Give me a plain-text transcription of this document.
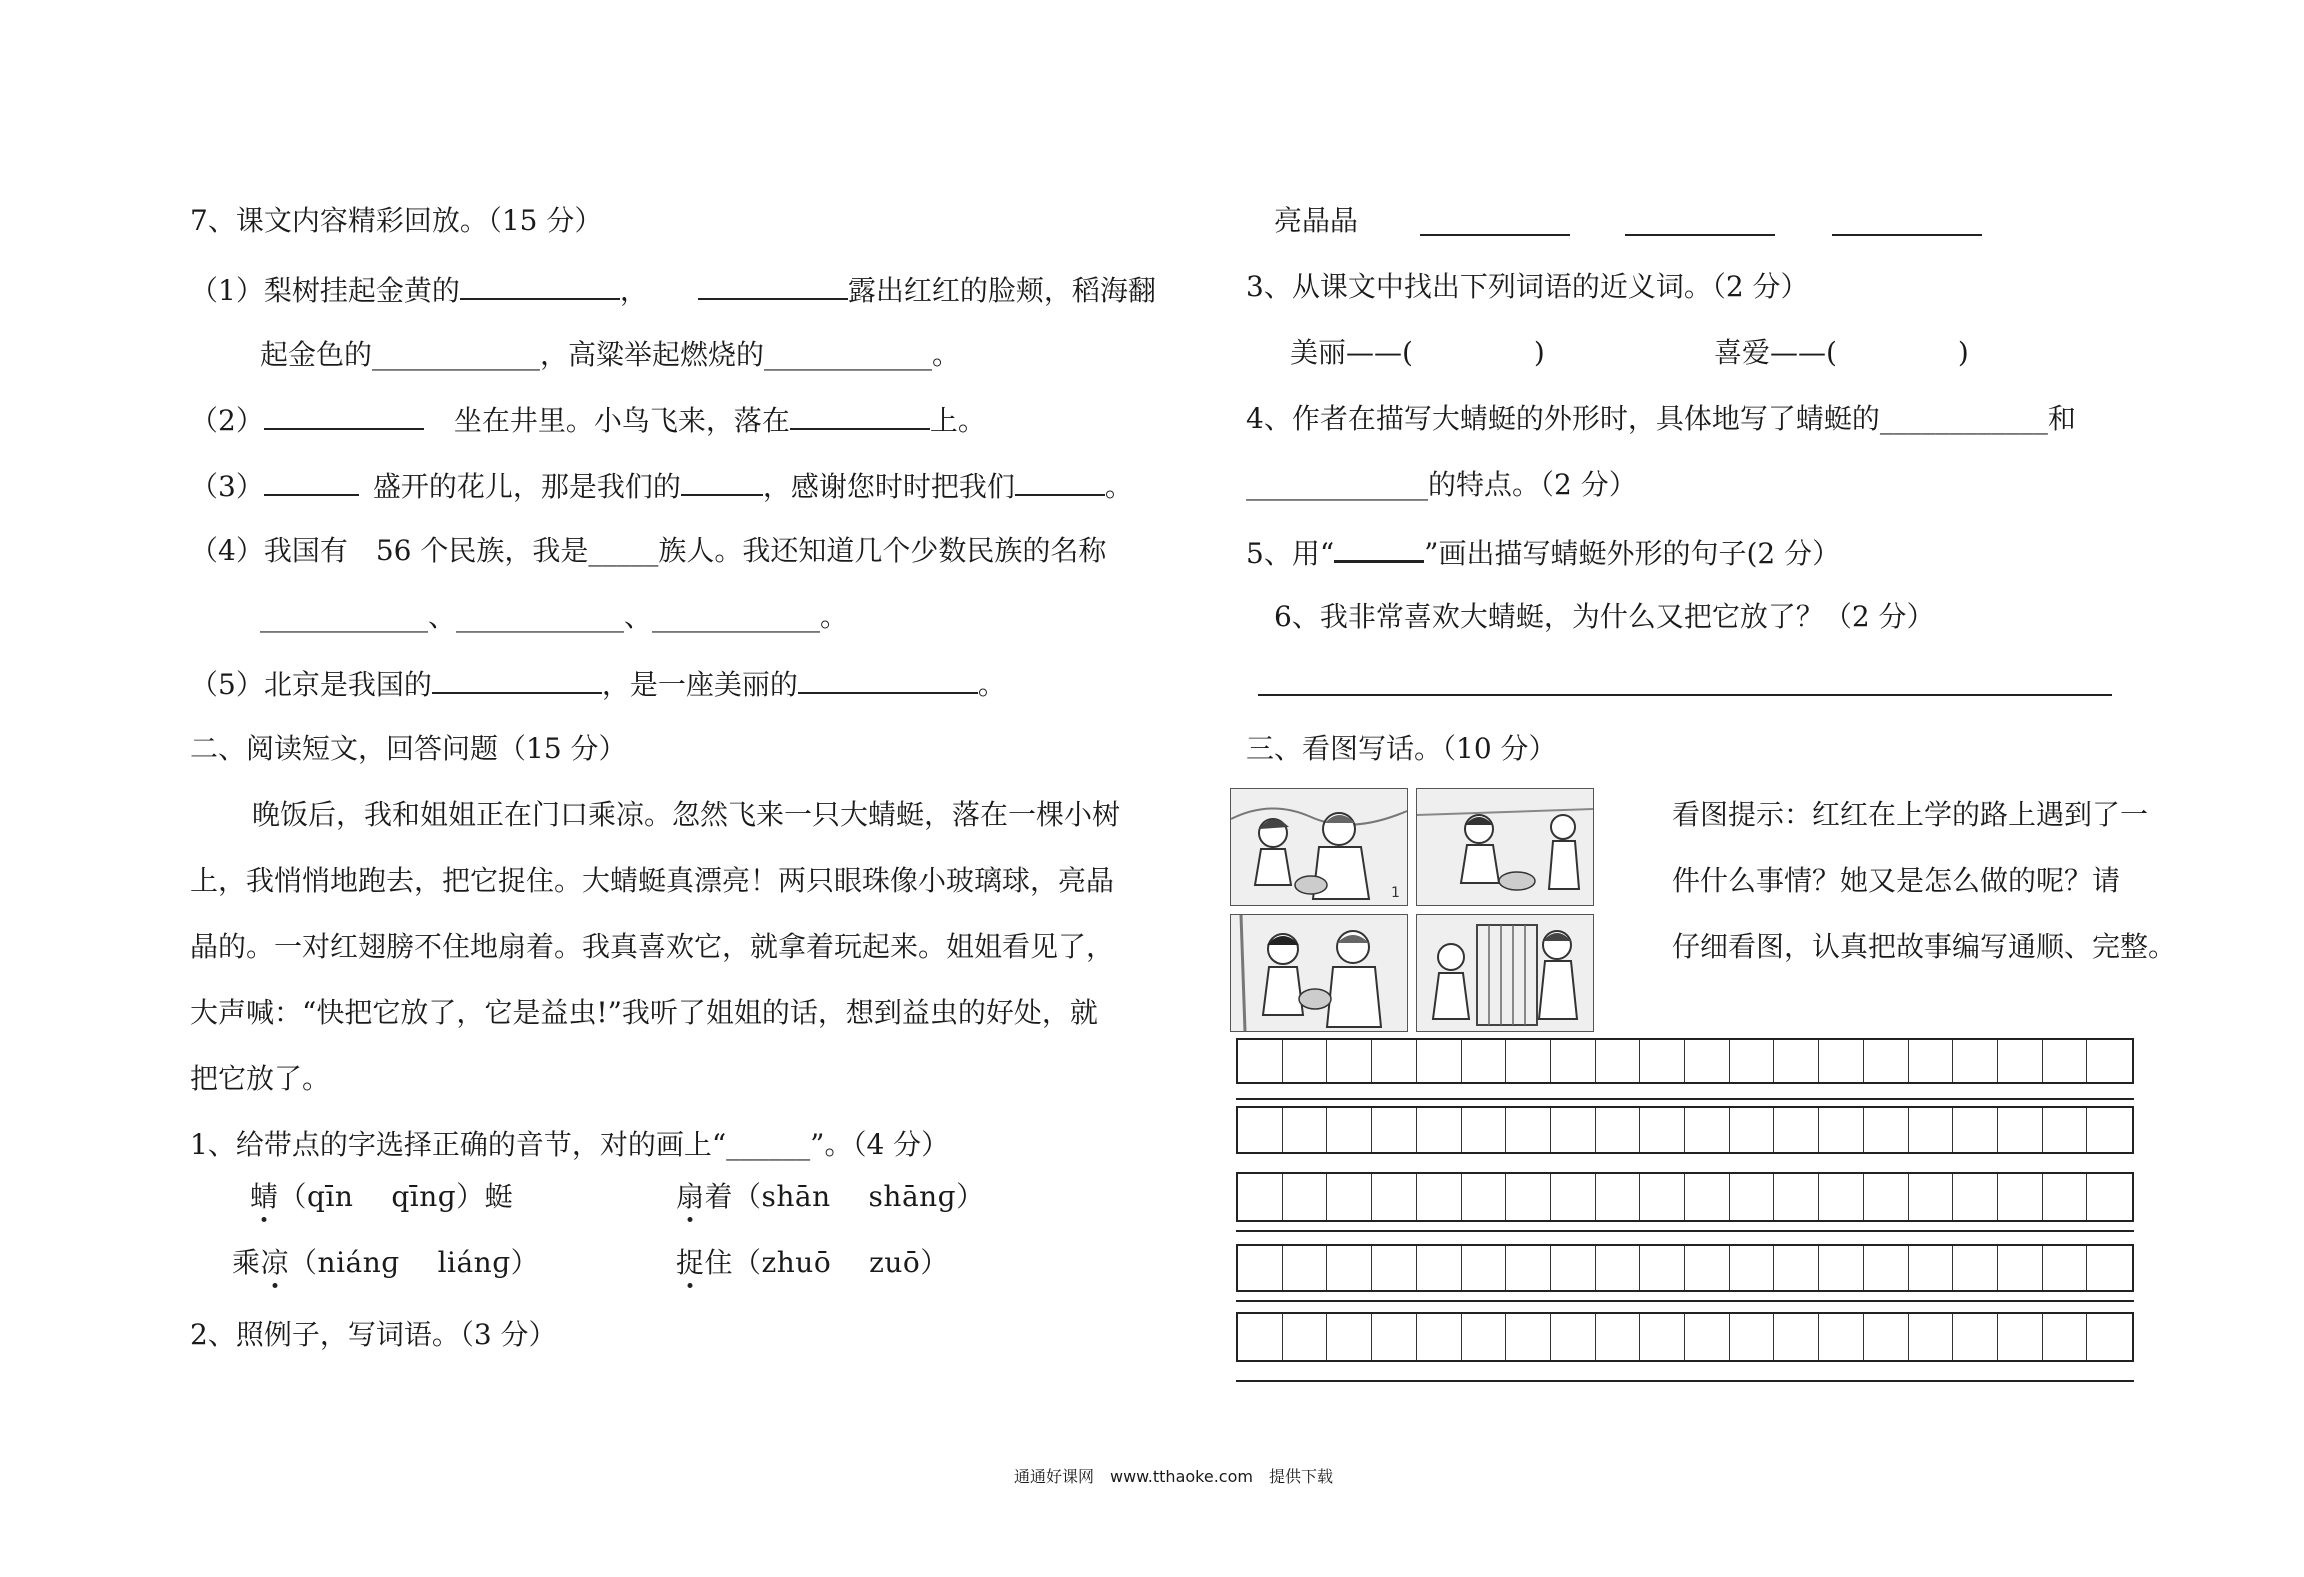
7、课文内容精彩回放。（15 分）
（1）梨树挂起金黄的	，	露出红红的脸颊，稻海翻
起金色的____________，高粱举起燃烧的____________。
（2）	坐在井里。小鸟飞来，落在	上。
（3）	盛开的花儿，那是我们的	，感谢您时时把我们	。
（4）我国有　56 个民族，我是_____族人。我还知道几个少数民族的名称
____________、____________、____________。
（5）北京是我国的	，是一座美丽的	。
二、阅读短文，回答问题（15 分）
晚饭后，我和姐姐正在门口乘凉。忽然飞来一只大蜻蜓，落在一棵小树
上，我悄悄地跑去，把它捉住。大蜻蜓真漂亮！两只眼珠像小玻璃球，亮晶
晶的。一对红翅膀不住地扇着。我真喜欢它，就拿着玩起来。姐姐看见了，
大声喊：“快把它放了，它是益虫!”我听了姐姐的话，想到益虫的好处，就
把它放了。
1、给带点的字选择正确的音节，对的画上“______”。（4 分）
蜻（qīn　 qīnɡ）蜓	扇着（shān　 shānɡ）
乘凉（niánɡ　 liánɡ）	捉住（zhuō　 zuō）
2、照例子，写词语。（3 分）
亮晶晶
3、从课文中找出下列词语的近义词。（2 分）
美丽——(　　　　 )	喜爱——(　　　　 )
4、作者在描写大蜻蜓的外形时，具体地写了蜻蜓的____________和
_____________的特点。（2 分）
5、用“	”画出描写蜻蜓外形的句子(2 分）
6、我非常喜欢大蜻蜓，为什么又把它放了？（2 分）
三、看图写话。（10 分）
1
看图提示：红红在上学的路上遇到了一
件什么事情？她又是怎么做的呢？请
仔细看图，认真把故事编写通顺、完整。
通通好课网　www.tthaoke.com　提供下载
